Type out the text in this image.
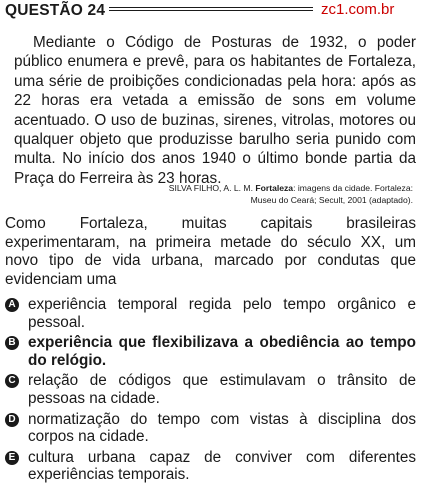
QUESTÃO 24	zc1.com.br

Mediante o Código de Posturas de 1932, o poder público enumera e prevê, para os habitantes de Fortaleza, uma série de proibições condicionadas pela hora: após as 22 horas era vetada a emissão de sons em volume acentuado. O uso de buzinas, sirenes, vitrolas, motores ou qualquer objeto que produzisse barulho seria punido com multa. No início dos anos 1940 o último bonde partia da Praça do Ferreira às 23 horas.

SILVA FILHO, A. L. M. Fortaleza: imagens da cidade. Fortaleza:
Museu do Ceará; Secult, 2001 (adaptado).

Como Fortaleza, muitas capitais brasileiras experimentaram, na primeira metade do século XX, um novo tipo de vida urbana, marcado por condutas que evidenciam uma

A experiência temporal regida pelo tempo orgânico e pessoal.
B experiência que flexibilizava a obediência ao tempo do relógio.
C relação de códigos que estimulavam o trânsito de pessoas na cidade.
D normatização do tempo com vistas à disciplina dos corpos na cidade.
E cultura urbana capaz de conviver com diferentes experiências temporais.
